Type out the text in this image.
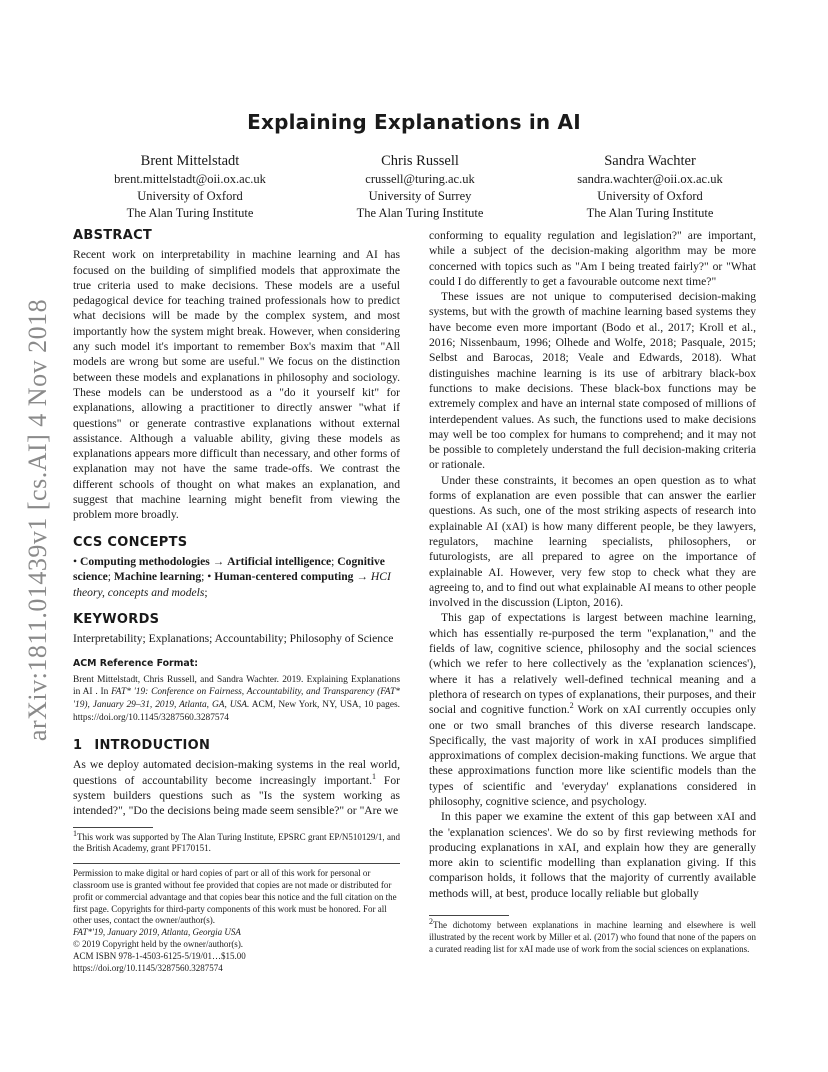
Explaining Explanations in AI
Brent Mittelstadt
brent.mittelstadt@oii.ox.ac.uk
University of Oxford
The Alan Turing Institute
Chris Russell
crussell@turing.ac.uk
University of Surrey
The Alan Turing Institute
Sandra Wachter
sandra.wachter@oii.ox.ac.uk
University of Oxford
The Alan Turing Institute
arXiv:1811.01439v1 [cs.AI] 4 Nov 2018
ABSTRACT

Recent work on interpretability in machine learning and AI has focused on the building of simplified models that approximate the true criteria used to make decisions. These models are a useful pedagogical device for teaching trained professionals how to predict what decisions will be made by the complex system, and most importantly how the system might break. However, when considering any such model it's important to remember Box's maxim that "All models are wrong but some are useful." We focus on the distinction between these models and explanations in philosophy and sociology. These models can be understood as a "do it yourself kit" for explanations, allowing a practitioner to directly answer "what if questions" or generate contrastive explanations without external assistance. Although a valuable ability, giving these models as explanations appears more difficult than necessary, and other forms of explanation may not have the same trade-offs. We contrast the different schools of thought on what makes an explanation, and suggest that machine learning might benefit from viewing the problem more broadly.

CCS CONCEPTS

• Computing methodologies → Artificial intelligence; Cognitive science; Machine learning; • Human-centered computing → HCI theory, concepts and models;

KEYWORDS

Interpretability; Explanations; Accountability; Philosophy of Science

ACM Reference Format:

Brent Mittelstadt, Chris Russell, and Sandra Wachter. 2019. Explaining Explanations in AI . In FAT* '19: Conference on Fairness, Accountability, and Transparency (FAT* '19), January 29–31, 2019, Atlanta, GA, USA. ACM, New York, NY, USA, 10 pages. https://doi.org/10.1145/3287560.3287574

1 INTRODUCTION

As we deploy automated decision-making systems in the real world, questions of accountability become increasingly important.$^1$ For system builders questions such as "Is the system working as intended?", "Do the decisions being made seem sensible?" or "Are we

$^1$This work was supported by The Alan Turing Institute, EPSRC grant EP/N510129/1, and the British Academy, grant PF170151.

Permission to make digital or hard copies of part or all of this work for personal or classroom use is granted without fee provided that copies are not made or distributed for profit or commercial advantage and that copies bear this notice and the full citation on the first page. Copyrights for third-party components of this work must be honored. For all other uses, contact the owner/author(s).
FAT*'19, January 2019, Atlanta, Georgia USA
© 2019 Copyright held by the owner/author(s).
ACM ISBN 978-1-4503-6125-5/19/01…$15.00
https://doi.org/10.1145/3287560.3287574

conforming to equality regulation and legislation?" are important, while a subject of the decision-making algorithm may be more concerned with topics such as "Am I being treated fairly?" or "What could I do differently to get a favourable outcome next time?"

These issues are not unique to computerised decision-making systems, but with the growth of machine learning based systems they have become even more important (Bodo et al., 2017; Kroll et al., 2016; Nissenbaum, 1996; Olhede and Wolfe, 2018; Pasquale, 2015; Selbst and Barocas, 2018; Veale and Edwards, 2018). What distinguishes machine learning is its use of arbitrary black-box functions to make decisions. These black-box functions may be extremely complex and have an internal state composed of millions of interdependent values. As such, the functions used to make decisions may well be too complex for humans to comprehend; and it may not be possible to completely understand the full decision-making criteria or rationale.

Under these constraints, it becomes an open question as to what forms of explanation are even possible that can answer the earlier questions. As such, one of the most striking aspects of research into explainable AI (xAI) is how many different people, be they lawyers, regulators, machine learning specialists, philosophers, or futurologists, are all prepared to agree on the importance of explainable AI. However, very few stop to check what they are agreeing to, and to find out what explainable AI means to other people involved in the discussion (Lipton, 2016).

This gap of expectations is largest between machine learning, which has essentially re-purposed the term "explanation," and the fields of law, cognitive science, philosophy and the social sciences (which we refer to here collectively as the 'explanation sciences'), where it has a relatively well-defined technical meaning and a plethora of research on types of explanations, their purposes, and their social and cognitive function.$^2$ Work on xAI currently occupies only one or two small branches of this diverse research landscape. Specifically, the vast majority of work in xAI produces simplified approximations of complex decision-making functions. We argue that these approximations function more like scientific models than the types of scientific and 'everyday' explanations considered in philosophy, cognitive science, and psychology.

In this paper we examine the extent of this gap between xAI and the 'explanation sciences'. We do so by first reviewing methods for producing explanations in xAI, and explain how they are generally more akin to scientific modelling than explanation giving. If this comparison holds, it follows that the majority of currently available methods will, at best, produce locally reliable but globally

$^2$The dichotomy between explanations in machine learning and elsewhere is well illustrated by the recent work by Miller et al. (2017) who found that none of the papers on a curated reading list for xAI made use of work from the social sciences on explanations.
